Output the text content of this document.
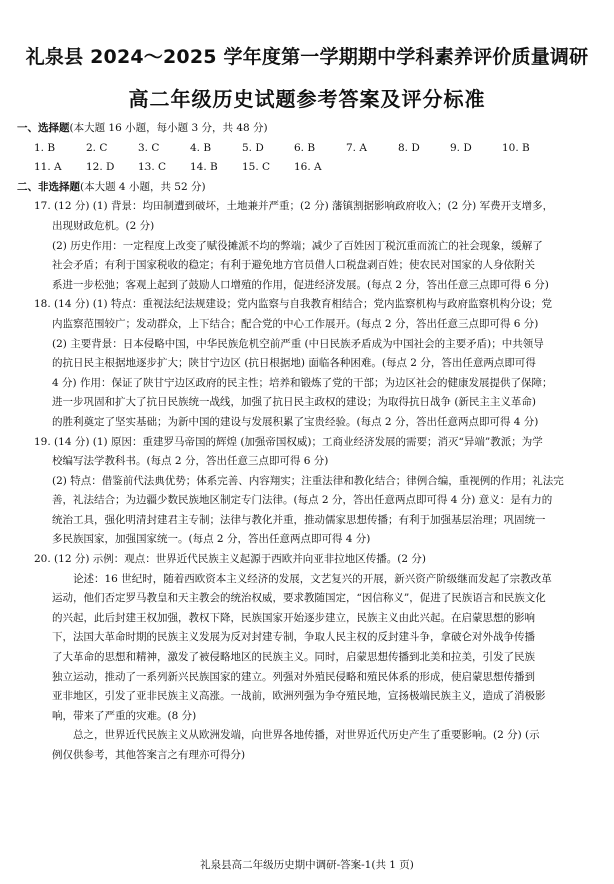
礼泉县 2024～2025 学年度第一学期期中学科素养评价质量调研
高二年级历史试题参考答案及评分标准
一、选择题(本大题 16 小题，每小题 3 分，共 48 分)
1. B	2. C	3. C	4. B	5. D	6. B	7. A	8. D	9. D	10. B
11. A	12. D	13. C	14. B	15. C	16. A
二、非选择题(本大题 4 小题，共 52 分)
17. (12 分) (1) 背景：均田制遭到破坏，土地兼并严重；(2 分) 藩镇割据影响政府收入；(2 分) 军费开支增多，
出现财政危机。(2 分)
(2) 历史作用：一定程度上改变了赋役摊派不均的弊端；减少了百姓因丁税沉重而流亡的社会现象，缓解了
社会矛盾；有利于国家税收的稳定；有利于避免地方官员借人口税盘剥百姓；使农民对国家的人身依附关
系进一步松弛；客观上起到了鼓励人口增殖的作用，促进经济发展。(每点 2 分，答出任意三点即可得 6 分)
18. (14 分) (1) 特点：重视法纪法规建设；党内监察与自我教育相结合；党内监察机构与政府监察机构分设；党
内监察范围较广；发动群众，上下结合；配合党的中心工作展开。(每点 2 分，答出任意三点即可得 6 分)
(2) 主要背景：日本侵略中国，中华民族危机空前严重 (中日民族矛盾成为中国社会的主要矛盾)；中共领导
的抗日民主根据地逐步扩大；陕甘宁边区 (抗日根据地) 面临各种困难。(每点 2 分，答出任意两点即可得
4 分) 作用：保证了陕甘宁边区政府的民主性；培养和锻炼了党的干部；为边区社会的健康发展提供了保障；
进一步巩固和扩大了抗日民族统一战线，加强了抗日民主政权的建设；为取得抗日战争 (新民主主义革命)
的胜利奠定了坚实基础；为新中国的建设与发展积累了宝贵经验。(每点 2 分，答出任意两点即可得 4 分)
19. (14 分) (1) 原因：重建罗马帝国的辉煌 (加强帝国权威)；工商业经济发展的需要；消灭“异端”教派；为学
校编写法学教科书。(每点 2 分，答出任意三点即可得 6 分)
(2) 特点：借鉴前代法典优势；体系完善、内容翔实；注重法律和教化结合；律例合编，重视例的作用；礼法完
善，礼法结合；为边疆少数民族地区制定专门法律。(每点 2 分，答出任意两点即可得 4 分) 意义：是有力的
统治工具，强化明清封建君主专制；法律与教化并重，推动儒家思想传播；有利于加强基层治理；巩固统一
多民族国家，加强国家统一。(每点 2 分，答出任意两点即可得 4 分)
20. (12 分) 示例：观点：世界近代民族主义起源于西欧并向亚非拉地区传播。(2 分)
论述：16 世纪时，随着西欧资本主义经济的发展，文艺复兴的开展，新兴资产阶级继而发起了宗教改革
运动，他们否定罗马教皇和天主教会的统治权威，要求教随国定，“因信称义”，促进了民族语言和民族文化
的兴起，此后封建王权加强，教权下降，民族国家开始逐步建立，民族主义由此兴起。在启蒙思想的影响
下，法国大革命时期的民族主义发展为反对封建专制，争取人民主权的反封建斗争，拿破仑对外战争传播
了大革命的思想和精神，激发了被侵略地区的民族主义。同时，启蒙思想传播到北美和拉美，引发了民族
独立运动，推动了一系列新兴民族国家的建立。列强对外殖民侵略和殖民体系的形成，使启蒙思想传播到
亚非地区，引发了亚非民族主义高涨。一战前，欧洲列强为争夺殖民地，宣扬极端民族主义，造成了消极影
响，带来了严重的灾难。(8 分)
总之，世界近代民族主义从欧洲发端，向世界各地传播，对世界近代历史产生了重要影响。(2 分) (示
例仅供参考，其他答案言之有理亦可得分)
礼泉县高二年级历史期中调研-答案-1(共 1 页)
